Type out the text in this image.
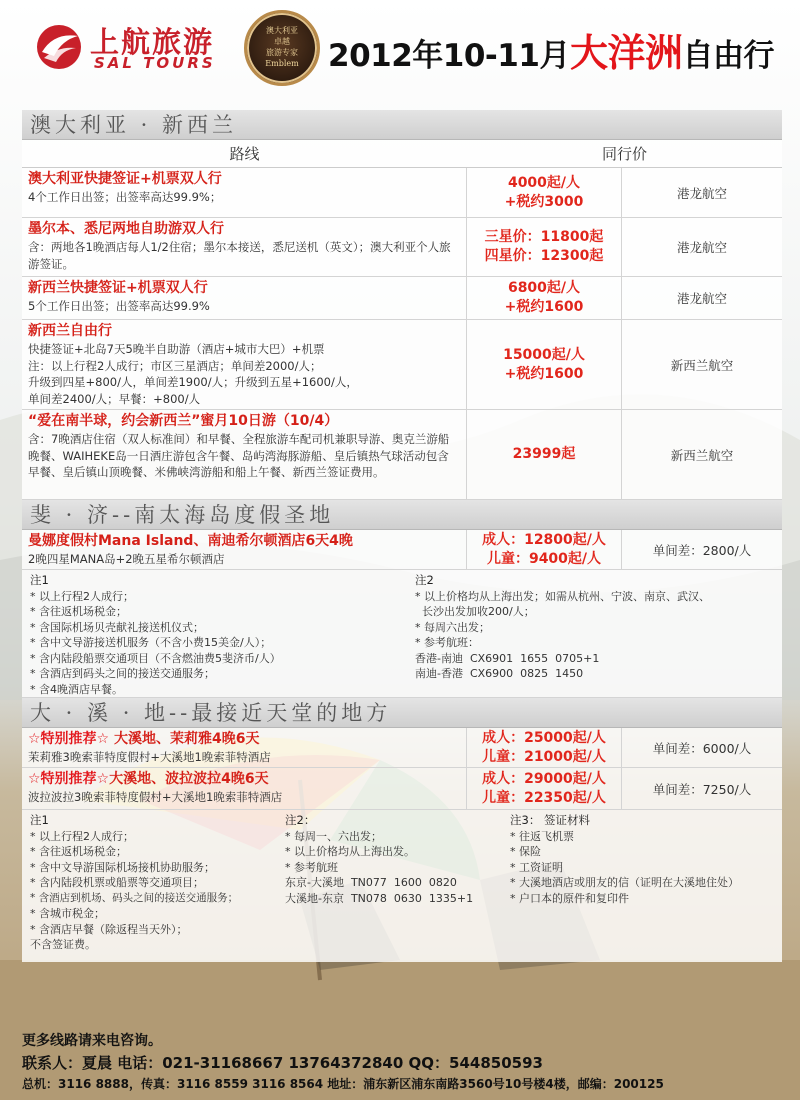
上航旅游
SAL TOURS
澳大利亚
卓越
旅游专家
Emblem 2012年10-11月大洋洲自由行
澳大利亚 · 新西兰
路线	同行价
澳大利亚快捷签证+机票双人行
4个工作日出签；出签率高达99.9%；
4000起/人
+税约3000
港龙航空
墨尔本、悉尼两地自助游双人行
含：两地各1晚酒店每人1/2住宿；墨尔本接送，悉尼送机（英文）；澳大利亚个人旅游签证。
三星价：11800起
四星价：12300起
港龙航空
新西兰快捷签证+机票双人行
5个工作日出签；出签率高达99.9%
6800起/人
+税约1600
港龙航空
新西兰自由行
快捷签证+北岛7天5晚半自助游（酒店+城市大巴）+机票
注：以上行程2人成行；市区三星酒店；单间差2000/人；
升级到四星+800/人，单间差1900/人；升级到五星+1600/人，
单间差2400/人；早餐：+800/人
15000起/人
+税约1600
新西兰航空
“爱在南半球，约会新西兰”蜜月10日游（10/4）
含：7晚酒店住宿（双人标准间）和早餐、全程旅游车配司机兼职导游、奥克兰游船晚餐、WAIHEKE岛一日酒庄游包含午餐、岛屿湾海豚游船、皇后镇热气球活动包含早餐、皇后镇山顶晚餐、米佛峡湾游船和船上午餐、新西兰签证费用。
23999起	新西兰航空
斐 · 济--南太海岛度假圣地
曼娜度假村Mana Island、南迪希尔顿酒店6天4晚
2晚四星MANA岛+2晚五星希尔顿酒店
成人：12800起/人
儿童：9400起/人
单间差：2800/人
注1
* 以上行程2人成行；
* 含往返机场税金；
* 含国际机场贝壳献礼接送机仪式；
* 含中文导游接送机服务（不含小费15美金/人）；
* 含内陆段船票交通项目（不含燃油费5斐济币/人）
* 含酒店到码头之间的接送交通服务；
* 含4晚酒店早餐。
注2
* 以上价格均从上海出发；如需从杭州、宁波、南京、武汉、
长沙出发加收200/人；
* 每周六出发；
* 参考航班：
香港-南迪  CX6901  1655  0705+1
南迪-香港  CX6900  0825  1450
大 · 溪 · 地--最接近天堂的地方
☆特别推荐☆ 大溪地、茉莉雅4晚6天
茉莉雅3晚索菲特度假村+大溪地1晚索菲特酒店
成人：25000起/人
儿童：21000起/人
单间差：6000/人
☆特别推荐☆大溪地、波拉波拉4晚6天
波拉波拉3晚索菲特度假村+大溪地1晚索菲特酒店
成人：29000起/人
儿童：22350起/人
单间差：7250/人
注1
* 以上行程2人成行；
* 含往返机场税金；
* 含中文导游国际机场接机协助服务；
* 含内陆段机票或船票等交通项目；
* 含酒店到机场、码头之间的接送交通服务；
* 含城市税金；
* 含酒店早餐（除返程当天外）；
不含签证费。
注2：
* 每周一、六出发；
* 以上价格均从上海出发。
* 参考航班
东京-大溪地  TN077  1600  0820
大溪地-东京  TN078  0630  1335+1
注3： 签证材料
* 往返飞机票
* 保险
* 工资证明
* 大溪地酒店或朋友的信（证明在大溪地住处）
* 户口本的原件和复印件
更多线路请来电咨询。
联系人：夏晨 电话：021-31168667 13764372840 QQ：544850593
总机：3116 8888，传真：3116 8559 3116 8564 地址：浦东新区浦东南路3560号10号楼4楼，邮编：200125
